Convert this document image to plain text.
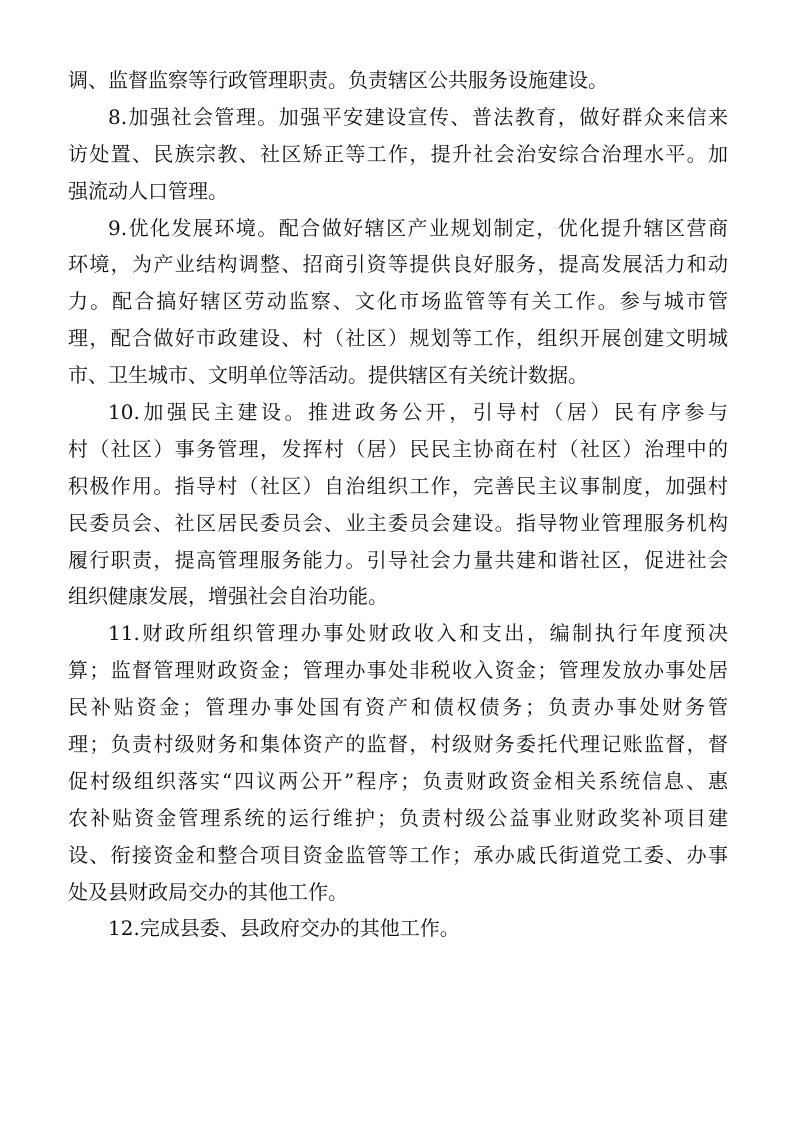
调、监督监察等行政管理职责。负责辖区公共服务设施建设。
8.加强社会管理。加强平安建设宣传、普法教育，做好群众来信来
访处置、民族宗教、社区矫正等工作，提升社会治安综合治理水平。加
强流动人口管理。
9.优化发展环境。配合做好辖区产业规划制定，优化提升辖区营商
环境，为产业结构调整、招商引资等提供良好服务，提高发展活力和动
力。配合搞好辖区劳动监察、文化市场监管等有关工作。参与城市管
理，配合做好市政建设、村（社区）规划等工作，组织开展创建文明城
市、卫生城市、文明单位等活动。提供辖区有关统计数据。
10.加强民主建设。推进政务公开，引导村（居）民有序参与
村（社区）事务管理，发挥村（居）民民主协商在村（社区）治理中的
积极作用。指导村（社区）自治组织工作，完善民主议事制度，加强村
民委员会、社区居民委员会、业主委员会建设。指导物业管理服务机构
履行职责，提高管理服务能力。引导社会力量共建和谐社区，促进社会
组织健康发展，增强社会自治功能。
11.财政所组织管理办事处财政收入和支出，编制执行年度预决
算；监督管理财政资金；管理办事处非税收入资金；管理发放办事处居
民补贴资金；管理办事处国有资产和债权债务；负责办事处财务管
理；负责村级财务和集体资产的监督，村级财务委托代理记账监督，督
促村级组织落实“四议两公开”程序；负责财政资金相关系统信息、惠
农补贴资金管理系统的运行维护；负责村级公益事业财政奖补项目建
设、衔接资金和整合项目资金监管等工作；承办戚氏街道党工委、办事
处及县财政局交办的其他工作。
12.完成县委、县政府交办的其他工作。
